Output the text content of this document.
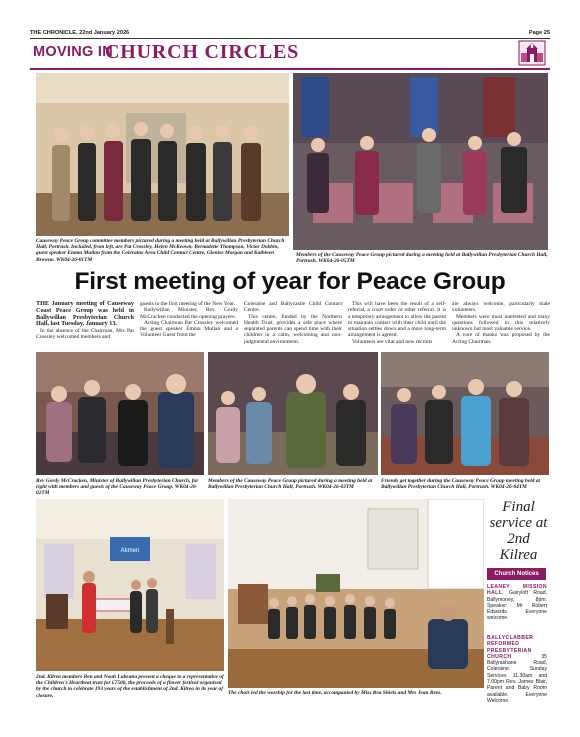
THE CHRONICLE, 22nd January 2026	Page 25
MOVING IN
CHURCH CIRCLES
Causeway Peace Group committee members pictured during a meeting held at Ballywillan Presbyterian Church Hall, Portrush. Included, from left, are Pat Crossley, Helen McKeown, Bernadette Thompson, Victor Dobbin, guest speaker Emma Mullan from the Coleraine Area Child Contact Centre, Glenise Morgan and Kathleen Browne. WK04-26-01TM
Members of the Causeway Peace Group pictured during a meeting held at Ballywillan Presbyterian Church Hall, Portrush. WK04-26-05TM
First meeting of year for Peace Group

THE January meeting of Causeway Coast Peace Group was held in Ballywillan Presbyterian Church Hall, last Tuesday, January 13.

In the absence of the Chairman, Mrs Pat Crossley welcomed members and

guests to the first meeting of the New Year.

Ballywillan Minister, Rev. Gordy McCracken conducted the opening prayers.

Acting Chairman Pat Crossley welcomed the guest speaker Emma Mullan and a Volunteer Guest from the

Coleraine and Ballycastle Child Contact Centre.

This centre, funded by the Northern Health Trust, provides a safe place where separated parents can spend time with their children in a calm, welcoming and non-judgmental environment.

This will have been the result of a self-referral, a court order or other referral. It is a temporary arrangement to allow the parent to maintain contact with their child until the situation settles down and a more long-term arrangement is agreed.

Volunteers are vital and new recruits

are always welcome, particularly male volunteers.

Members were most interested and many questions followed in this relatively unknown but most valuable service.

A vote of thanks was proposed by the Acting Chairman.

Rev Gordy McCracken, Minister of Ballywillan Presbyterian Church, far right with members and guests of the Causeway Peace Group. WK04-26-02TM
Members of the Causeway Peace Group pictured during a meeting held at Ballywillan Presbyterian Church Hall, Portrush. WK04-26-03TM
Friends get together during the Causeway Peace Group meeting held at Ballywillan Presbyterian Church Hall, Portrush. WK04-26-04TM
Akmen
2nd. Kilrea members Ben and Noah Lubeana present a cheque to a representative of the Children's Heartbeat trust for £7500, the proceeds of a flower festival organised by the church to celebrate 193 years of the establishment of 2nd. Kilrea in its year of closure.	The choir led the worship for the last time, accompanied by Miss Rea Shiels and Mrs Jean Rees.
Final service at 2nd Kilrea
Church Notices
LEANEY MISSION HALL, Gairyloft Road, Ballymoney, 8pm. Speaker: Mr Robert Edwards. Everyone welcome.
BALLYCLABBER REFORMED PRESBYTERIAN CHURCH 35 Ballyrashane Road, Coleraine. Sunday Services 11.30am and 7.00pm Rev. James Blair. Parent and Baby Room available. Everyone Welcome.
